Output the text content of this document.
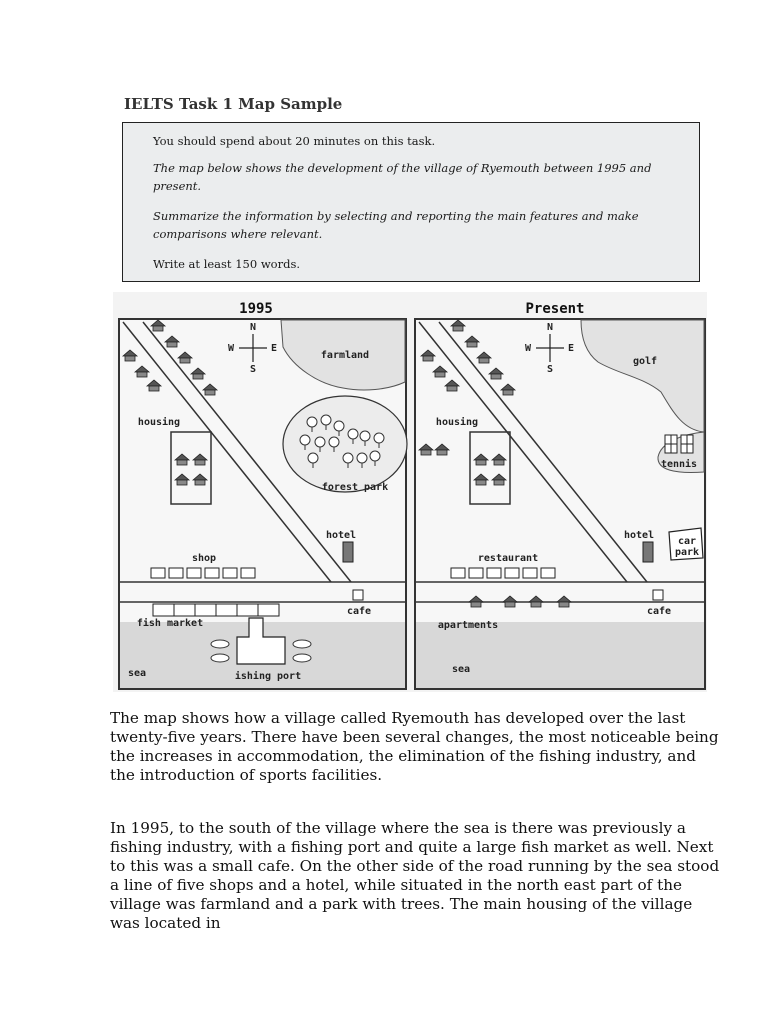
IELTS Task 1 Map Sample

You should spend about 20 minutes on this task.

The map below shows the development of the village of Ryemouth between 1995 and present.

Summarize the information by selecting and reporting the main features and make comparisons where relevant.

Write at least 150 words.

1995
N
S
W	E
farmland
housing
forest park
hotel
shop
cafe
fish market
sea	ishing port
Present
N
S
W	E
golf
housing
tennis
hotel
car
park
restaurant
cafe
apartments
sea

The map shows how a village called Ryemouth has developed over the last twenty-five years. There have been several changes, the most noticeable being the increases in accommodation, the elimination of the fishing industry, and the introduction of sports facilities.

In 1995, to the south of the village where the sea is there was previously a fishing industry, with a fishing port and quite a large fish market as well. Next to this was a small cafe. On the other side of the road running by the sea stood a line of five shops and a hotel, while situated in the north east part of the village was farmland and a park with trees. The main housing of the village was located in
